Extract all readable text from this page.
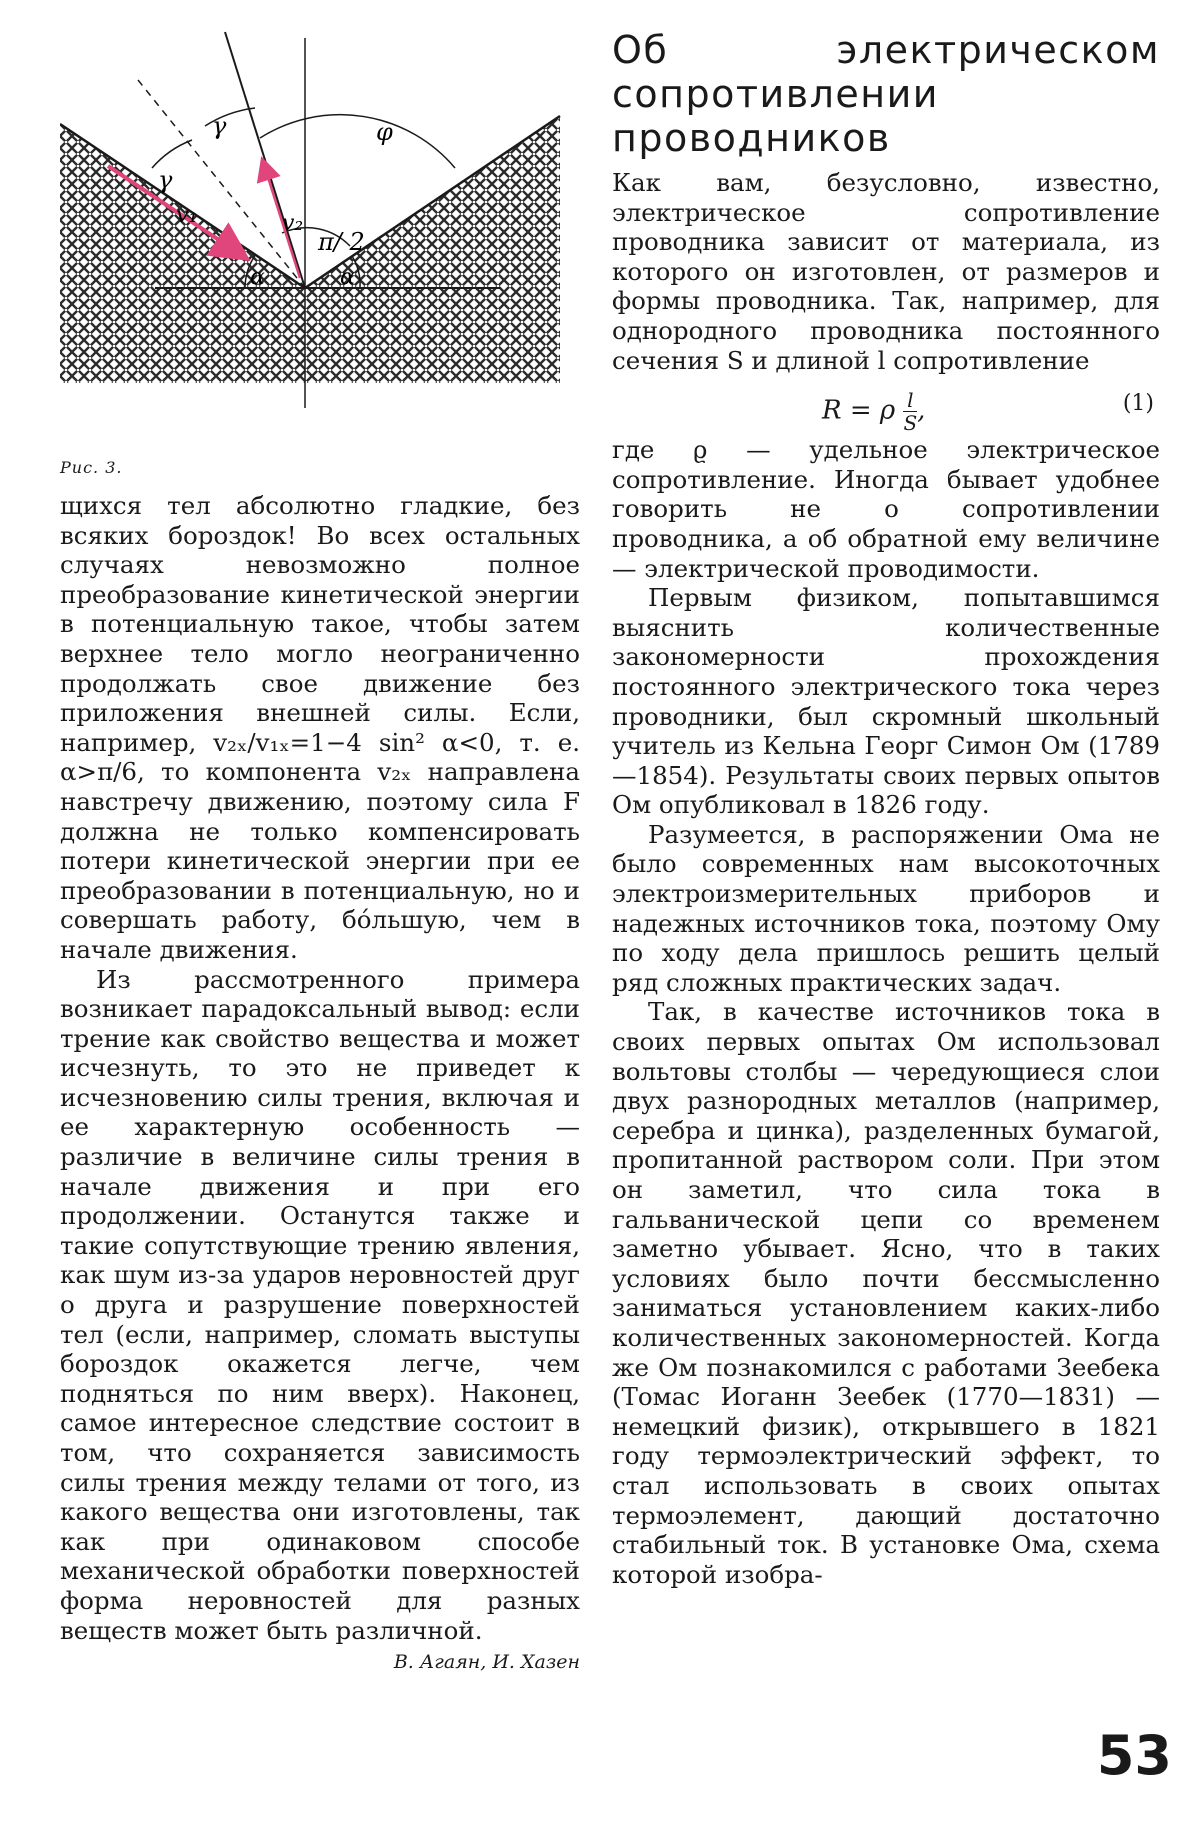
γ
γ
φ
v₁	v₂
π/ 2
α	α
Рис. 3.

щихся тел абсолютно гладкие, без всяких бороздок! Во всех остальных случаях невозможно полное преобразование кинетической энергии в потенциальную такое, чтобы затем верхнее тело могло неограниченно продолжать свое движение без приложения внешней силы. Если, например, v₂ₓ/v₁ₓ=1−4 sin² α<0, т. е. α>π/6, то компонента v₂ₓ направлена навстречу движению, поэтому сила F должна не только компенсировать потери кинетической энергии при ее преобразовании в потенциальную, но и совершать работу, бóльшую, чем в начале движения.

Из рассмотренного примера возникает парадоксальный вывод: если трение как свойство вещества и может исчезнуть, то это не приведет к исчезновению силы трения, включая и ее характерную особенность — различие в величине силы трения в начале движения и при его продолжении. Останутся также и такие сопутствующие трению явления, как шум из-за ударов неровностей друг о друга и разрушение поверхностей тел (если, например, сломать выступы бороздок окажется легче, чем подняться по ним вверх). Наконец, самое интересное следствие состоит в том, что сохраняется зависимость силы трения между телами от того, из какого вещества они изготовлены, так как при одинаковом способе механической обработки поверхностей форма неровностей для разных веществ может быть различной.

В. Агаян, И. Хазен
Об электрическом сопротивлении проводников

Как вам, безусловно, известно, электрическое сопротивление проводника зависит от материала, из которого он изготовлен, от размеров и формы проводника. Так, например, для однородного проводника постоянного сечения S и длиной l сопротивление

R = ρ $\frac{l}{S}$ ,	(1)

где ϱ — удельное электрическое сопротивление. Иногда бывает удобнее говорить не о сопротивлении проводника, а об обратной ему величине — электрической проводимости.

Первым физиком, попытавшимся выяснить количественные закономерности прохождения постоянного электрического тока через проводники, был скромный школьный учитель из Кельна Георг Симон Ом (1789—1854). Результаты своих первых опытов Ом опубликовал в 1826 году.

Разумеется, в распоряжении Ома не было современных нам высокоточных электроизмерительных приборов и надежных источников тока, поэтому Ому по ходу дела пришлось решить целый ряд сложных практических задач.

Так, в качестве источников тока в своих первых опытах Ом использовал вольтовы столбы — чередующиеся слои двух разнородных металлов (например, серебра и цинка), разделенных бумагой, пропитанной раствором соли. При этом он заметил, что сила тока в гальванической цепи со временем заметно убывает. Ясно, что в таких условиях было почти бессмысленно заниматься установлением каких-либо количественных закономерностей. Когда же Ом познакомился с работами Зеебека (Томас Иоганн Зеебек (1770—1831) — немецкий физик), открывшего в 1821 году термоэлектрический эффект, то стал использовать в своих опытах термоэлемент, дающий достаточно стабильный ток. В установке Ома, схема которой изобра-

53
